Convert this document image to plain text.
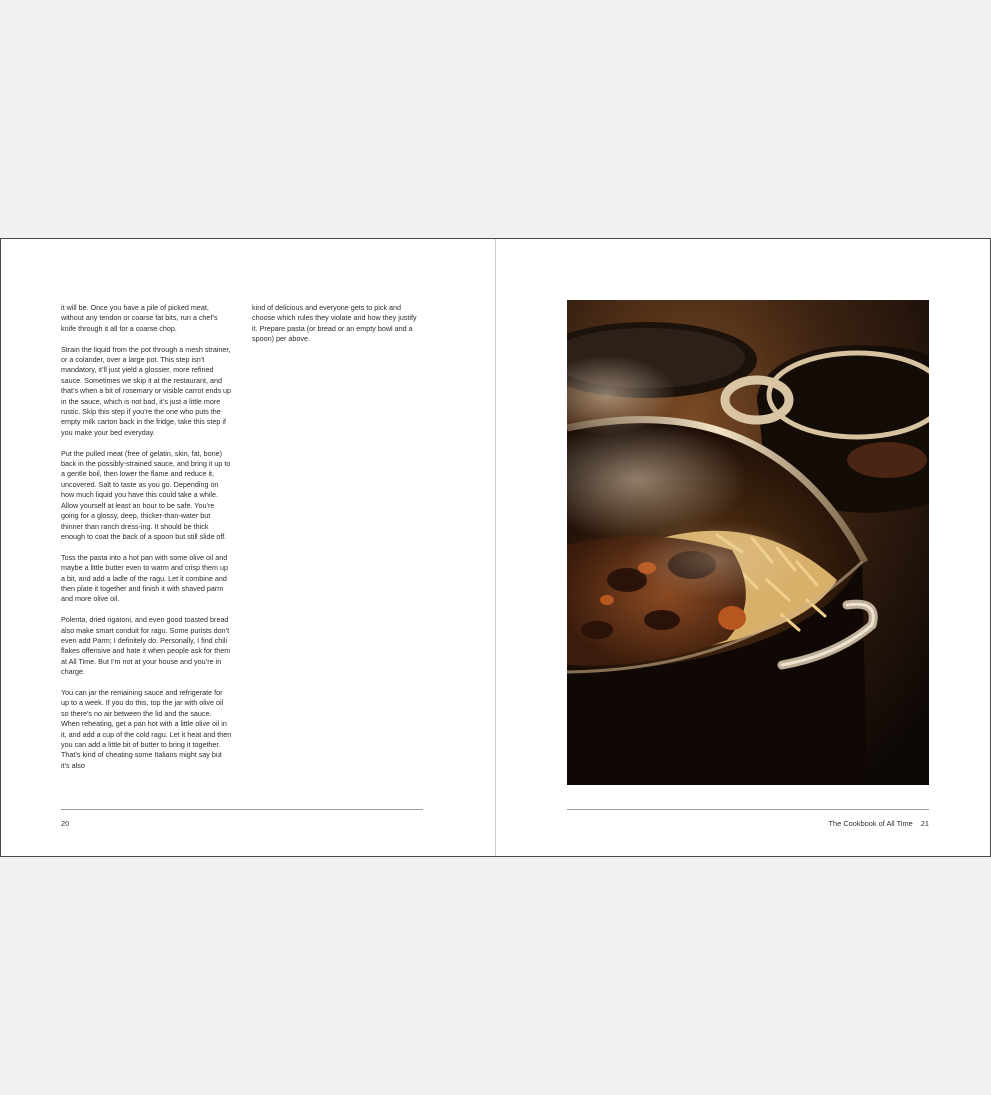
it will be. Once you have a pile of picked meat, without any tendon or coarse fat bits, run a chef’s knife through it all for a coarse chop.

Strain the liquid from the pot through a mesh strainer, or a colander, over a large pot. This step isn’t mandatory, it’ll just yield a glossier, more refined sauce. Sometimes we skip it at the restaurant, and that’s when a bit of rosemary or visible carrot ends up in the sauce, which is not bad, it’s just a little more rustic. Skip this step if you’re the one who puts the empty milk carton back in the fridge, take this step if you make your bed everyday.

Put the pulled meat (free of gelatin, skin, fat, bone) back in the possibly-strained sauce, and bring it up to a gentle boil, then lower the flame and reduce it, uncovered. Salt to taste as you go. Depending on how much liquid you have this could take a while. Allow yourself at least an hour to be safe. You’re going for a glossy, deep, thicker-than-water but thinner than ranch dress-ing. It should be thick enough to coat the back of a spoon but still slide off.

Toss the pasta into a hot pan with some olive oil and maybe a little butter even to warm and crisp them up a bit, and add a ladle of the ragu. Let it combine and then plate it together and finish it with shaved parm and more olive oil.

Polenta, dried rigatoni, and even good toasted bread also make smart conduit for ragu. Some purists don’t even add Parm; I definitely do. Personally, I find chili flakes offensive and hate it when people ask for them at All Time. But I’m not at your house and you’re in charge.

You can jar the remaining sauce and refrigerate for up to a week. If you do this, top the jar with olive oil so there’s no air between the lid and the sauce. When reheating, get a pan hot with a little olive oil in it, and add a cup of the cold ragu. Let it heat and then you can add a little bit of butter to bring it together. That’s kind of cheating some Italians might say but it’s also

kind of delicious and everyone gets to pick and choose which rules they violate and how they justify it. Prepare pasta (or bread or an empty bowl and a spoon) per above.

20	The Cookbook of All Time 21
